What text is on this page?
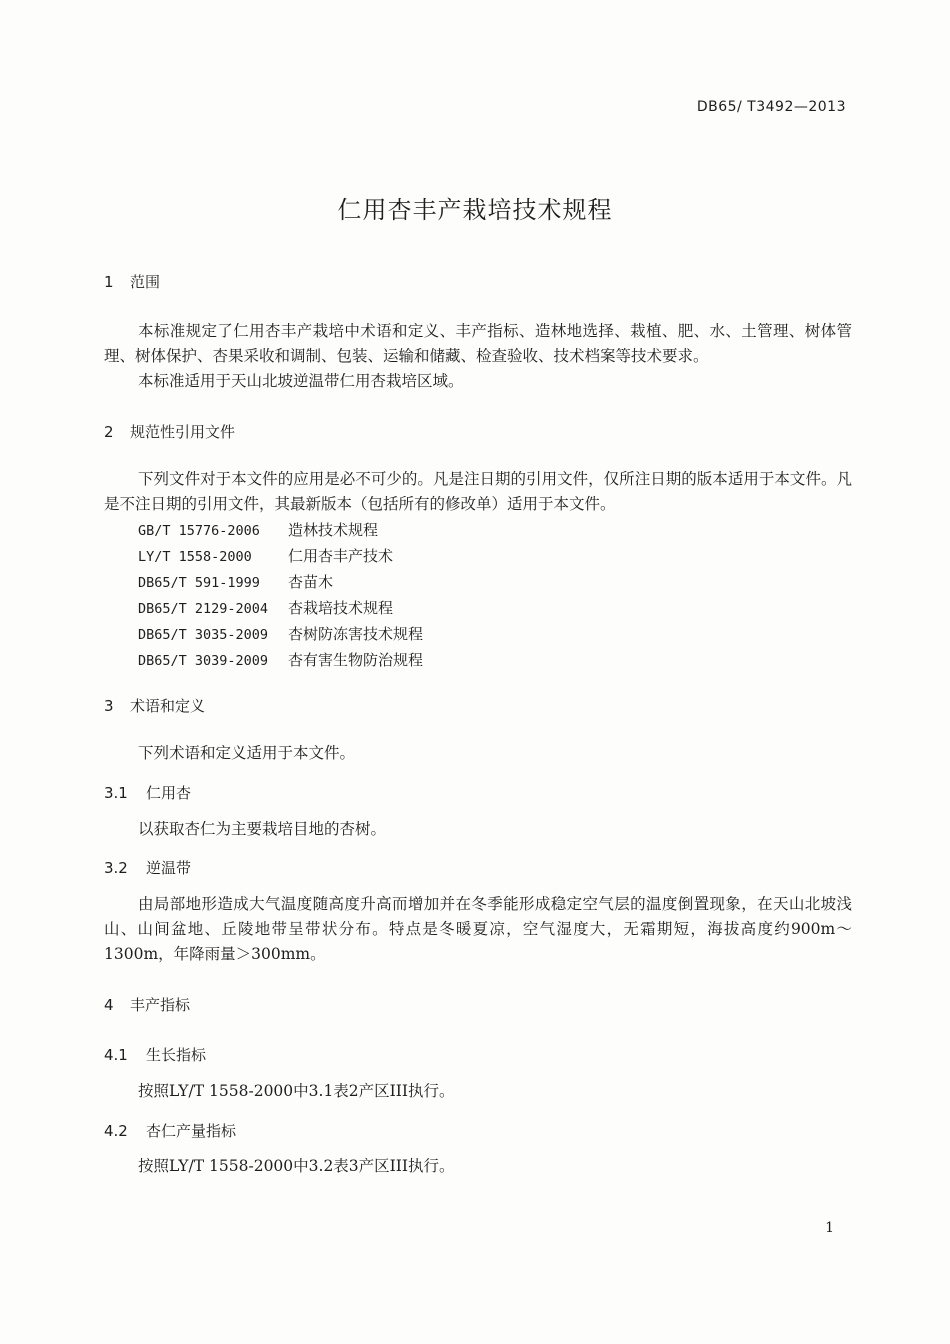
DB65/ T3492—2013
仁用杏丰产栽培技术规程
1 范围
本标准规定了仁用杏丰产栽培中术语和定义、丰产指标、造林地选择、栽植、肥、水、土管理、树体管理、树体保护、杏果采收和调制、包装、运输和储藏、检查验收、技术档案等技术要求。
本标准适用于天山北坡逆温带仁用杏栽培区域。
2 规范性引用文件
下列文件对于本文件的应用是必不可少的。凡是注日期的引用文件，仅所注日期的版本适用于本文件。凡是不注日期的引用文件，其最新版本（包括所有的修改单）适用于本文件。
GB/T 15776-2006 造林技术规程
LY/T 1558-2000 仁用杏丰产技术
DB65/T 591-1999 杏苗木
DB65/T 2129-2004 杏栽培技术规程
DB65/T 3035-2009 杏树防冻害技术规程
DB65/T 3039-2009 杏有害生物防治规程
3 术语和定义
下列术语和定义适用于本文件。
3.1 仁用杏
以获取杏仁为主要栽培目地的杏树。
3.2 逆温带
由局部地形造成大气温度随高度升高而增加并在冬季能形成稳定空气层的温度倒置现象，在天山北坡浅山、山间盆地、丘陵地带呈带状分布。特点是冬暖夏凉，空气湿度大，无霜期短，海拔高度约900m～1300m，年降雨量＞300mm。
4 丰产指标
4.1 生长指标
按照LY/T 1558-2000中3.1表2产区III执行。
4.2 杏仁产量指标
按照LY/T 1558-2000中3.2表3产区III执行。
1
